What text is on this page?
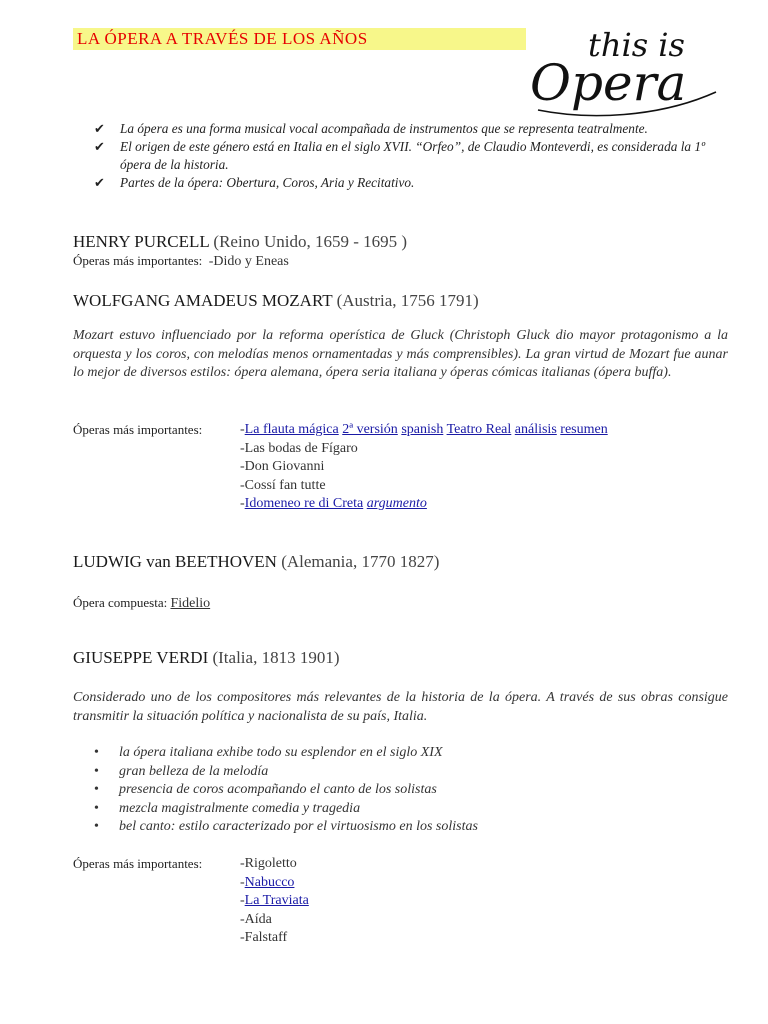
LA ÓPERA A TRAVÉS DE LOS AÑOS	this is
Opera
✔ La ópera es una forma musical vocal acompañada de instrumentos que se representa teatralmente.
✔ El origen de este género está en Italia en el siglo XVII. “Orfeo”, de Claudio Monteverdi, es considerada la 1º ópera de la historia.
✔ Partes de la ópera: Obertura, Coros, Aria y Recitativo.
HENRY PURCELL (Reino Unido, 1659 - 1695 )
Óperas más importantes: -Dido y Eneas
WOLFGANG AMADEUS MOZART (Austria, 1756 1791)

Mozart estuvo influenciado por la reforma operística de Gluck (Christoph Gluck dio mayor protagonismo a la orquesta y los coros, con melodías menos ornamentadas y más comprensibles). La gran virtud de Mozart fue aunar lo mejor de diversos estilos: ópera alemana, ópera seria italiana y óperas cómicas italianas (ópera buffa).

Óperas más importantes:	-La flauta mágica 2ª versión spanish Teatro Real análisis resumen
-Las bodas de Fígaro
-Don Giovanni
-Cossí fan tutte
-Idomeneo re di Creta argumento
LUDWIG van BEETHOVEN (Alemania, 1770 1827)
Ópera compuesta: Fidelio
GIUSEPPE VERDI (Italia, 1813 1901)

Considerado uno de los compositores más relevantes de la historia de la ópera. A través de sus obras consigue transmitir la situación política y nacionalista de su país, Italia.

• la ópera italiana exhibe todo su esplendor en el siglo XIX
• gran belleza de la melodía
• presencia de coros acompañando el canto de los solistas
• mezcla magistralmente comedia y tragedia
• bel canto: estilo caracterizado por el virtuosismo en los solistas
Óperas más importantes:	-Rigoletto
-Nabucco
-La Traviata
-Aída
-Falstaff
